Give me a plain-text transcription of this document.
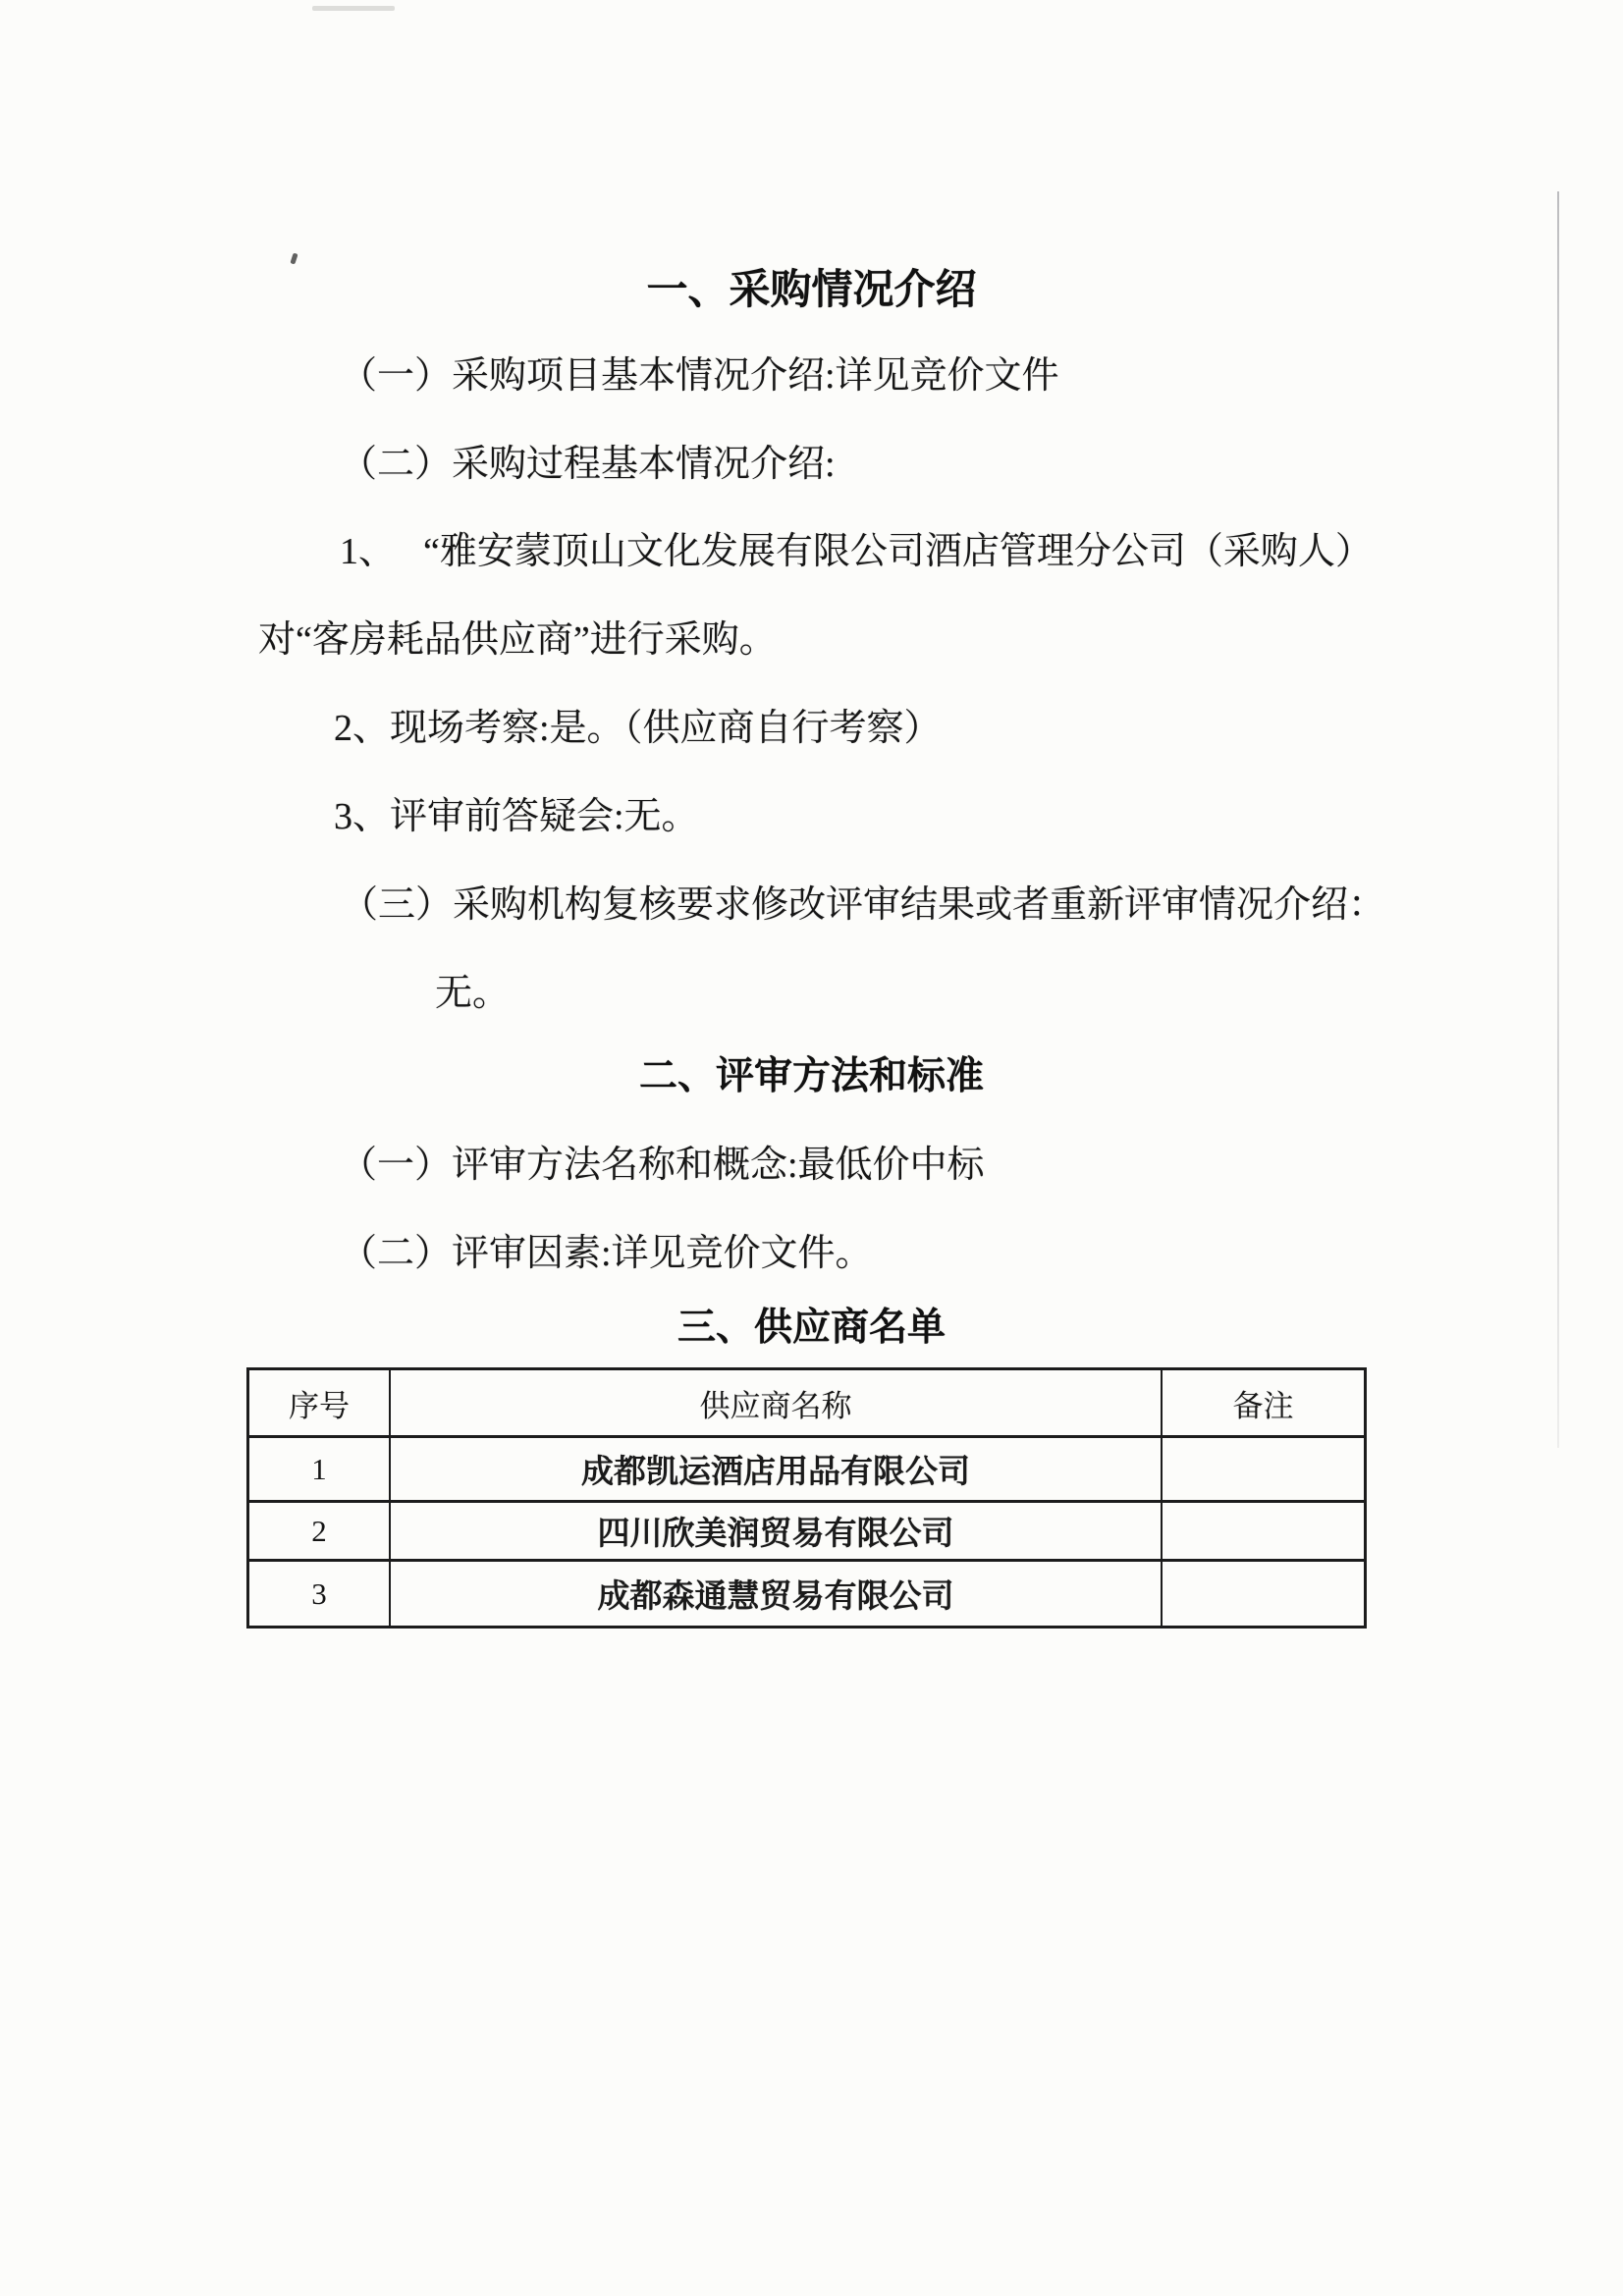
一、采购情况介绍
（一）采购项目基本情况介绍:详见竞价文件
（二）采购过程基本情况介绍:
1、 “雅安蒙顶山文化发展有限公司酒店管理分公司（采购人）
对“客房耗品供应商”进行采购。
2、现场考察:是。（供应商自行考察）
3、评审前答疑会:无。
（三）采购机构复核要求修改评审结果或者重新评审情况介绍：
无。
二、评审方法和标准
（一）评审方法名称和概念:最低价中标
（二）评审因素:详见竞价文件。
三、供应商名单
序号	供应商名称	备注
1	成都凯运酒店用品有限公司
2	四川欣美润贸易有限公司
3	成都森通慧贸易有限公司
